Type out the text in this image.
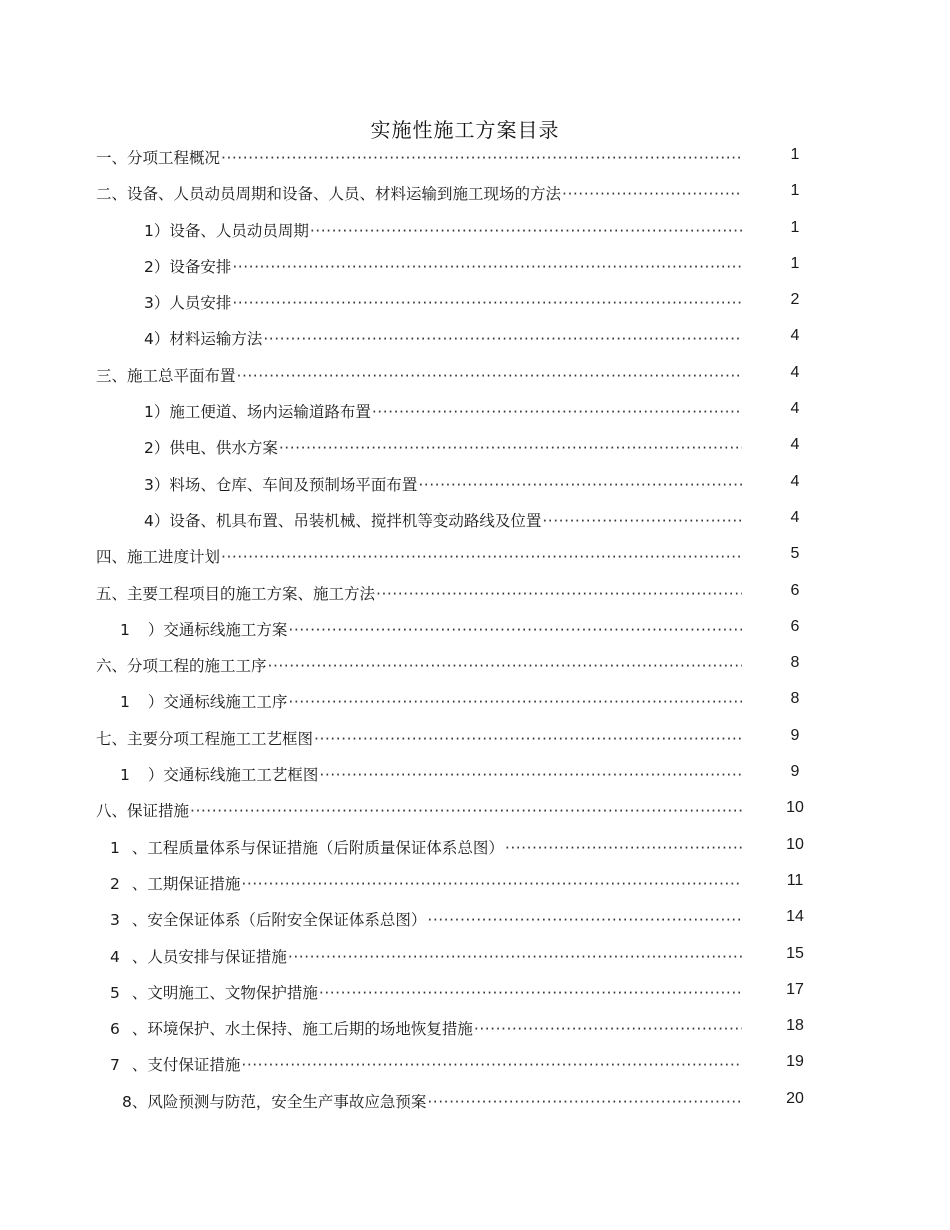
实施性施工方案目录
一、分项工程概况 ·····	1
二、设备、人员动员周期和设备、人员、材料运输到施工现场的方法 ·····	1
1）设备、人员动员周期 ·····	1
2）设备安排 ·····	1
3）人员安排 ·····	2
4）材料运输方法 ·····	4
三、施工总平面布置 ·····	4
1）施工便道、场内运输道路布置 ·····	4
2）供电、供水方案 ·····	4
3）料场、仓库、车间及预制场平面布置 ·····	4
4）设备、机具布置、吊装机械、搅拌机等变动路线及位置 ·····	4
四、施工进度计划 ·····	5
五、主要工程项目的施工方案、施工方法 ·····	6
1 ）交通标线施工方案 ·····	6
六、分项工程的施工工序 ·····	8
1 ）交通标线施工工序 ·····	8
七、主要分项工程施工工艺框图 ·····	9
1 ）交通标线施工工艺框图 ·····	9
八、保证措施 ·····	10
1 、工程质量体系与保证措施（后附质量保证体系总图） ·····	10
2 、工期保证措施 ·····	11
3 、安全保证体系（后附安全保证体系总图） ·····	14
4 、人员安排与保证措施 ·····	15
5 、文明施工、文物保护措施 ·····	17
6 、环境保护、水土保持、施工后期的场地恢复措施 ·····	18
7 、支付保证措施 ·····	19
8、风险预测与防范，安全生产事故应急预案 ·····	20
